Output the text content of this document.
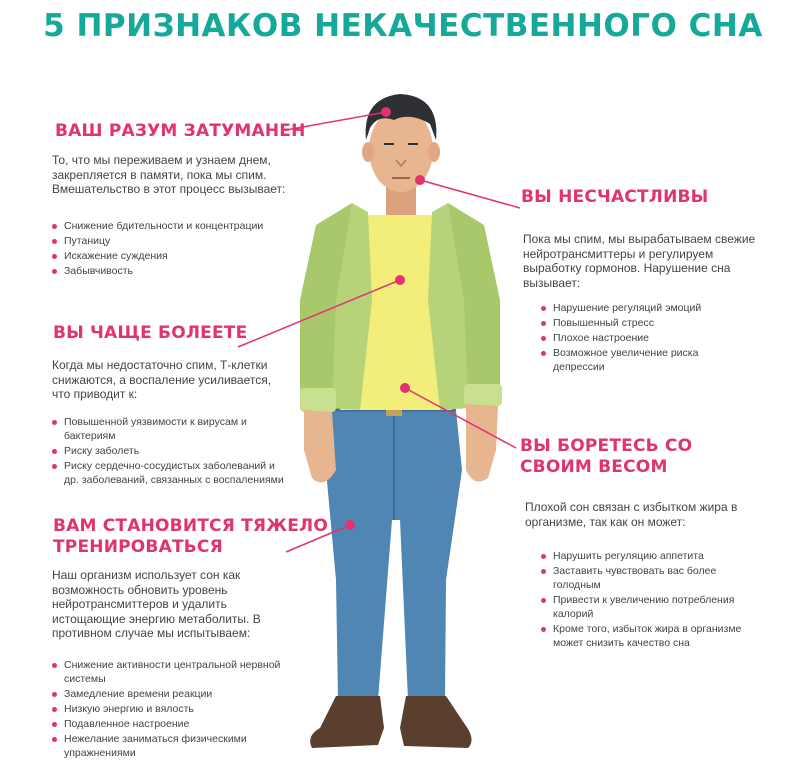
5 ПРИЗНАКОВ НЕКАЧЕСТВЕННОГО СНА
ВАШ РАЗУМ ЗАТУМАНЕН
То, что мы переживаем и узнаем днем, закрепляется в памяти, пока мы спим. Вмешательство в этот процесс вызывает:
Снижение бдительности и концентрации
Путаницу
Искажение суждения
Забывчивость
ВЫ ЧАЩЕ БОЛЕЕТЕ
Когда мы недостаточно спим, Т-клетки снижаются, а воспаление усиливается, что приводит к:
Повышенной уязвимости к вирусам и бактериям
Риску заболеть
Риску сердечно-сосудистых заболеваний и др. заболеваний, связанных с воспалениями
ВАМ СТАНОВИТСЯ ТЯЖЕЛО
ТРЕНИРОВАТЬСЯ
Наш организм использует сон как возможность обновить уровень нейротрансмиттеров и удалить истощающие энергию метаболиты. В противном случае мы испытываем:
Снижение активности центральной нервной системы
Замедление времени реакции
Низкую энергию и вялость
Подавленное настроение
Нежелание заниматься физическими упражнениями
ВЫ НЕСЧАСТЛИВЫ
Пока мы спим, мы вырабатываем свежие нейротрансмиттеры и регулируем выработку гормонов. Нарушение сна вызывает:
Нарушение регуляций эмоций
Повышенный стресс
Плохое настроение
Возможное увеличение риска депрессии
ВЫ БОРЕТЕСЬ СО
СВОИМ ВЕСОМ
Плохой сон связан с избытком жира в организме, так как он может:
Нарушить регуляцию аппетита
Заставить чувствовать вас более голодным
Привести к увеличению потребления калорий
Кроме того, избыток жира в организме может снизить качество сна
